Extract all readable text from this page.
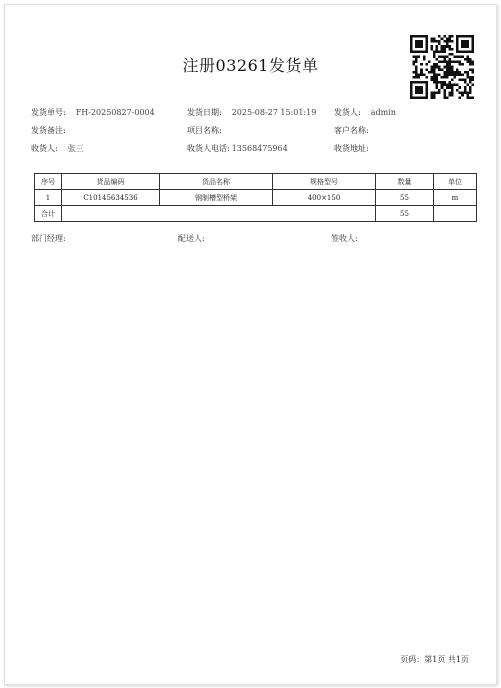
注册03261发货单
发货单号: FH-20250827-0004	发货日期: 2025-08-27 15:01:19 发货人: admin
发货备注:	项目名称:	客户名称:
收货人: 张三	收货人电话: 13568475964	收货地址:
序号	货品编码	货品名称	规格型号	数量	单位
1	C10145634536	钢制槽型桥架	400×150	55	m
合计				55	
部门经理:	配送人:	签收人:
页码：第1页 共1页
